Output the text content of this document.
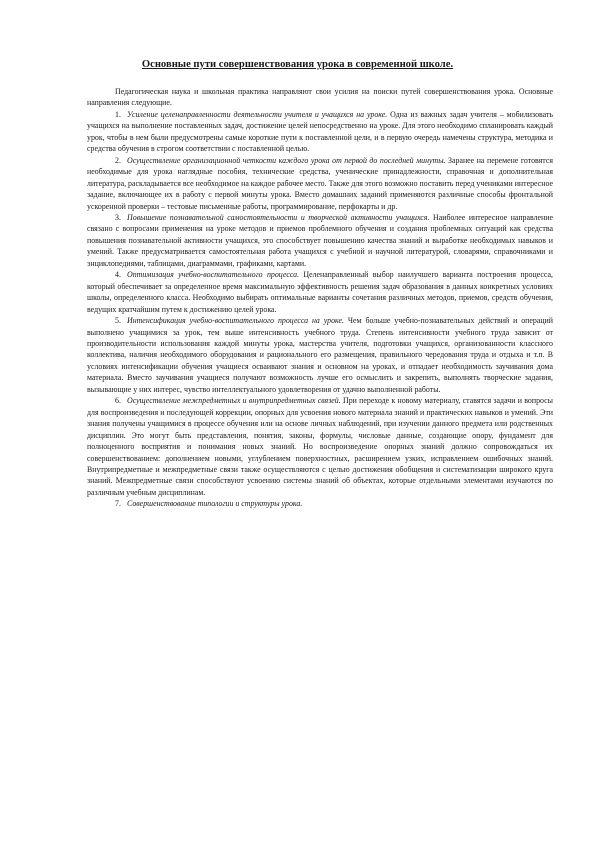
Основные пути совершенствования урока в современной школе.

Педагогическая наука и школьная практика направляют свои усилия на поиски путей совершенствования урока. Основные направления следующие.

1. Усиление целенаправленности деятельности учителя и учащихся на уроке. Одна из важных задач учителя – мобилизовать учащихся на выполнение поставленных задач, достижение целей непосредственно на уроке. Для этого необходимо спланировать каждый урок, чтобы в нем были предусмотрены самые короткие пути к поставленной цели, и в первую очередь намечены структура, методика и средства обучения в строгом соответствии с поставленной целью.

2. Осуществление организационной четкости каждого урока от первой до последней минуты. Заранее на перемене готовятся необходимые для урока наглядные пособия, технические средства, ученические принадлежности, справочная и дополнительная литература, раскладывается все необходимое на каждое рабочее место. Также для этого возможно поставить перед учениками интересное задание, включающее их в работу с первой минуты урока. Вместо домашних заданий применяются различные способы фронтальной ускоренной проверки – тестовые письменные работы, программирование, перфокарты и др.

3. Повышение познавательной самостоятельности и творческой активности учащихся. Наиболее интересное направление связано с вопросами применения на уроке методов и приемов проблемного обучения и создания проблемных ситуаций как средства повышения познавательной активности учащихся, это способствует повышению качества знаний и выработке необходимых навыков и умений. Также предусматривается самостоятельная работа учащихся с учебной и научной литературой, словарями, справочниками и энциклопедиями, таблицами, диаграммами, графиками, картами.

4. Оптимизация учебно-воспитательного процесса. Целенаправленный выбор наилучшего варианта построения процесса, который обеспечивает за определенное время максимальную эффективность решения задач образования в данных конкретных условиях школы, определенного класса. Необходимо выбирать оптимальные варианты сочетания различных методов, приемов, средств обучения, ведущих кратчайшим путем к достижению целей урока.

5. Интенсификация учебно-воспитательного процесса на уроке. Чем больше учебно-познавательных действий и операций выполнено учащимися за урок, тем выше интенсивность учебного труда. Степень интенсивности учебного труда зависит от производительности использования каждой минуты урока, мастерства учителя, подготовки учащихся, организованности классного коллектива, наличия необходимого оборудования и рационального его размещения, правильного чередования труда и отдыха и т.п. В условиях интенсификации обучения учащиеся осваивают знания и основном на уроках, и отпадает необходимость заучивания дома материала. Вместо заучивания учащиеся получают возможность лучше его осмыслить и закрепить, выполнять творческие задания, вызывающие у них интерес, чувство интеллектуального удовлетворения от удачно выполненной работы.

6. Осуществление межпредметных и внутрипредметных связей. При переходе к новому материалу, ставятся задачи и вопросы для воспроизведения и последующей коррекции, опорных для усвоения нового материала знаний и практических навыков и умений. Эти знания получены учащимися в процессе обучения или на основе личных наблюдений, при изучении данного предмета или родственных дисциплин. Это могут быть представления, понятия, законы, формулы, числовые данные, создающие опору, фундамент для полноценного восприятия и понимания новых знаний. Но воспроизведение опорных знаний должно сопровождаться их совершенствованием: дополнением новыми, углублением поверхностных, расширением узких, исправлением ошибочных знаний. Внутрипредметные и межпредметные связи также осуществляются с целью достижения обобщения и систематизации широкого круга знаний. Межпредметные связи способствуют усвоению системы знаний об объектах, которые отдельными элементами изучаются по различным учебным дисциплинам.

7. Совершенствование типологии и структуры урока.
